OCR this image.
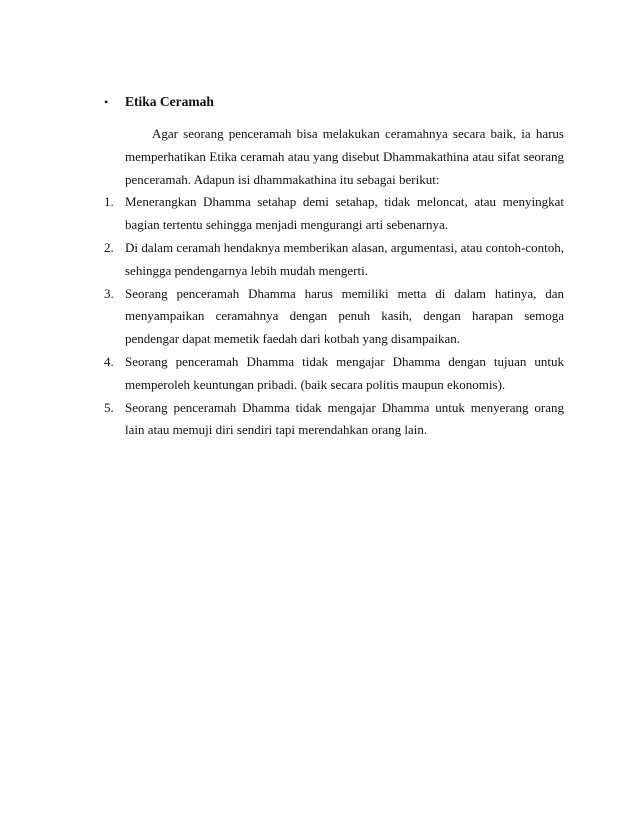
• Etika Ceramah

Agar seorang penceramah bisa melakukan ceramahnya secara baik, ia harus memperhatikan Etika ceramah atau yang disebut Dhammakathina atau sifat seorang penceramah. Adapun isi dhammakathina itu sebagai berikut:

1. Menerangkan Dhamma setahap demi setahap, tidak meloncat, atau menyingkat bagian tertentu sehingga menjadi mengurangi arti sebenarnya.
2. Di dalam ceramah hendaknya memberikan alasan, argumentasi, atau contoh-contoh, sehingga pendengarnya lebih mudah mengerti.
3. Seorang penceramah Dhamma harus memiliki metta di dalam hatinya, dan menyampaikan ceramahnya dengan penuh kasih, dengan harapan semoga pendengar dapat memetik faedah dari kotbah yang disampaikan.
4. Seorang penceramah Dhamma tidak mengajar Dhamma dengan tujuan untuk memperoleh keuntungan pribadi. (baik secara politis maupun ekonomis).
5. Seorang penceramah Dhamma tidak mengajar Dhamma untuk menyerang orang lain atau memuji diri sendiri tapi merendahkan orang lain.
